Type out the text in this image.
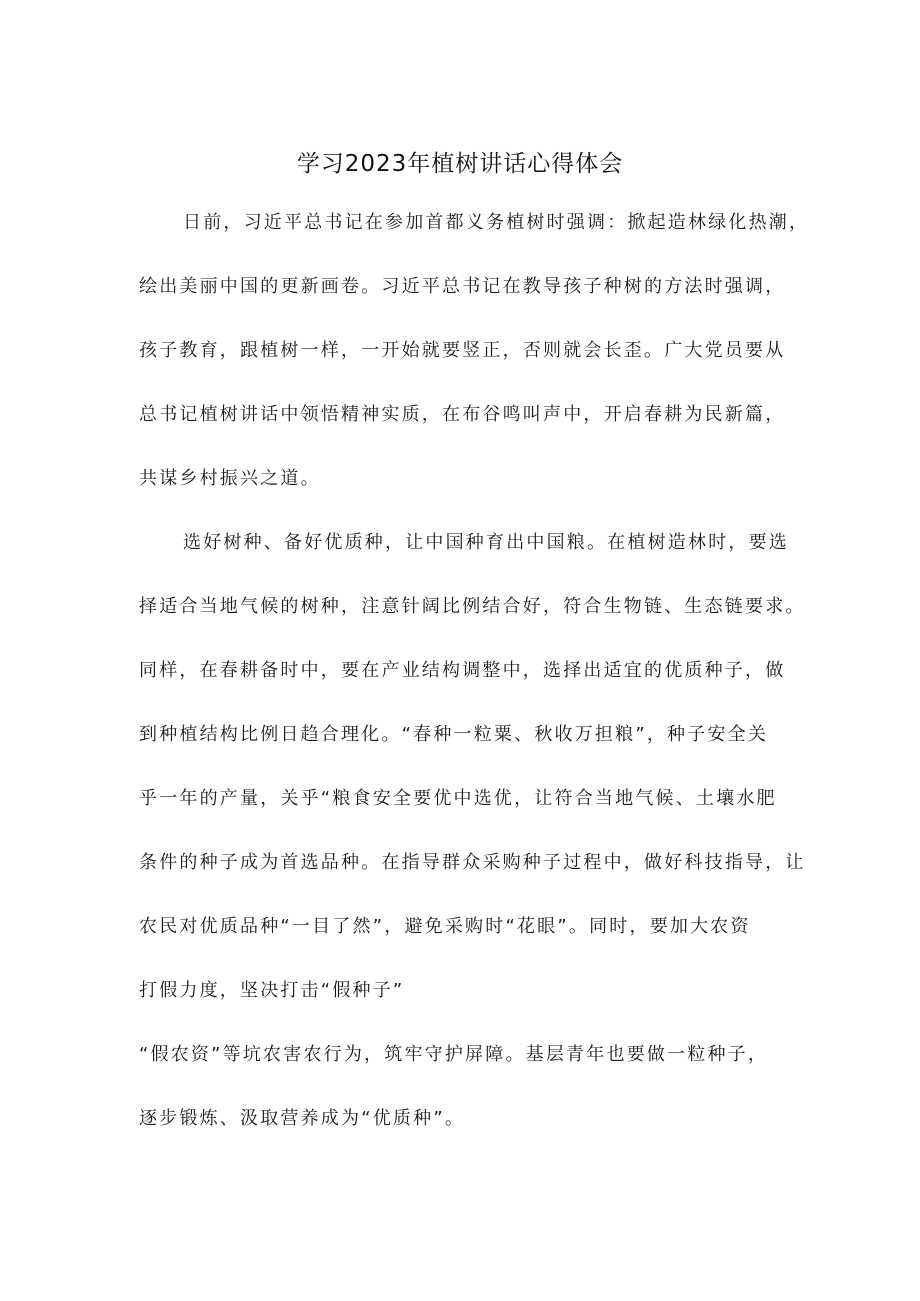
学习2023年植树讲话心得体会
日前，习近平总书记在参加首都义务植树时强调：掀起造林绿化热潮，
绘出美丽中国的更新画卷。习近平总书记在教导孩子种树的方法时强调，
孩子教育，跟植树一样，一开始就要竖正，否则就会长歪。广大党员要从
总书记植树讲话中领悟精神实质，在布谷鸣叫声中，开启春耕为民新篇，
共谋乡村振兴之道。
选好树种、备好优质种，让中国种育出中国粮。在植树造林时，要选
择适合当地气候的树种，注意针阔比例结合好，符合生物链、生态链要求。
同样，在春耕备时中，要在产业结构调整中，选择出适宜的优质种子，做
到种植结构比例日趋合理化。“春种一粒粟、秋收万担粮”，种子安全关
乎一年的产量，关乎“粮食安全要优中选优，让符合当地气候、土壤水肥
条件的种子成为首选品种。在指导群众采购种子过程中，做好科技指导，让
农民对优质品种“一目了然”，避免采购时“花眼”。同时，要加大农资
打假力度，坚决打击“假种子”
“假农资”等坑农害农行为，筑牢守护屏障。基层青年也要做一粒种子，
逐步锻炼、汲取营养成为“优质种”。
